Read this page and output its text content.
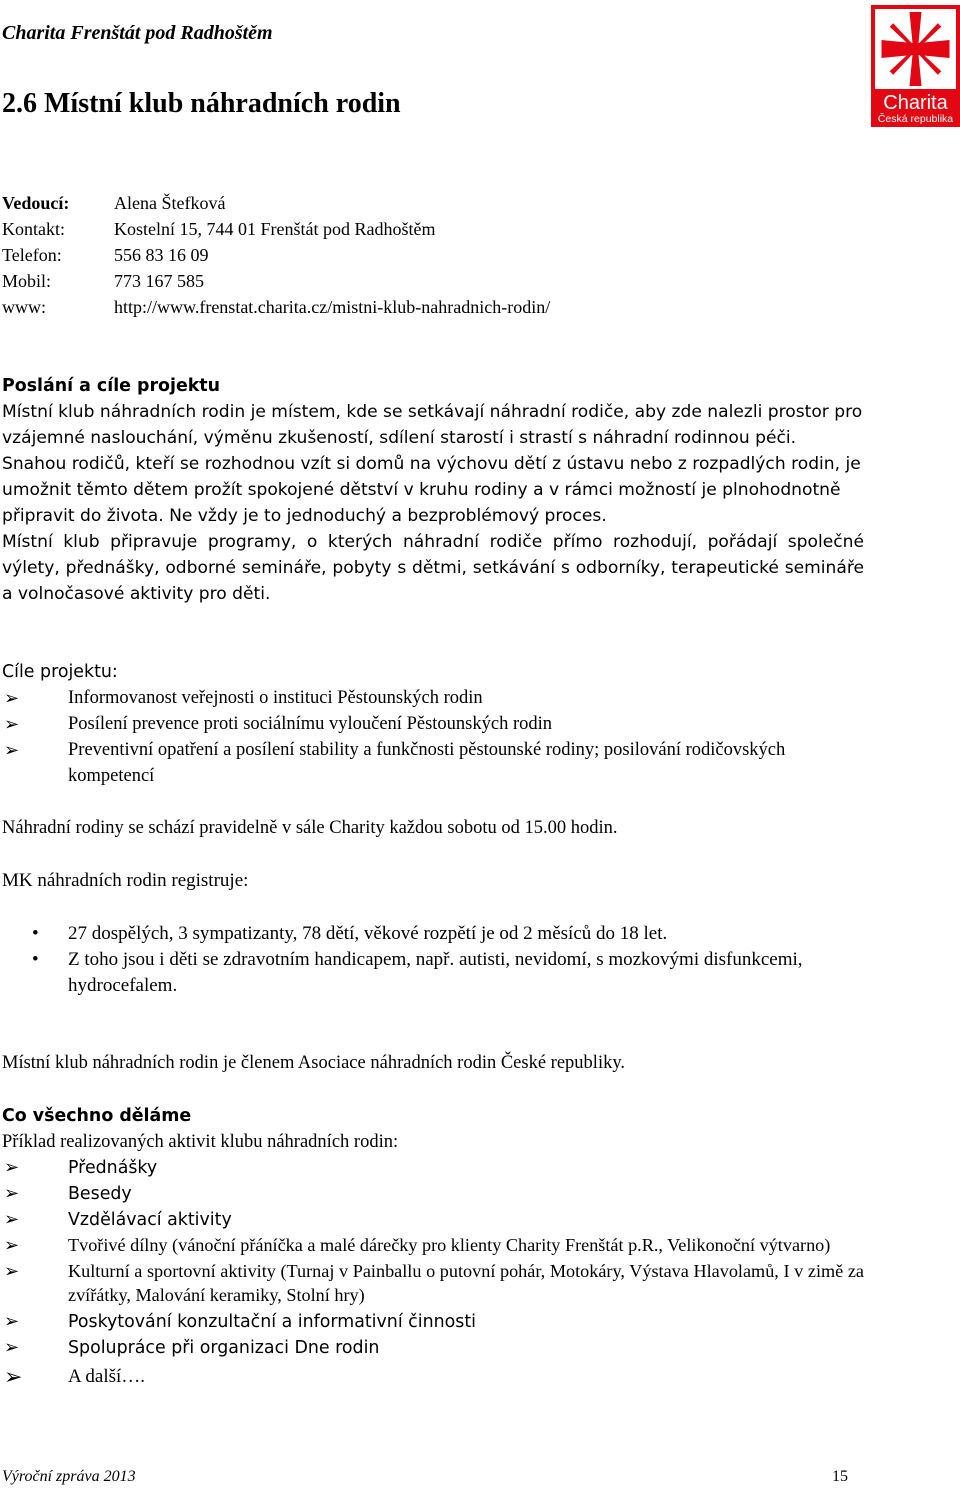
Charita Frenštát pod Radhoštěm
Charita
Česká republika
2.6 Místní klub náhradních rodin
Vedoucí:	Alena Štefková
Kontakt:	Kostelní 15, 744 01 Frenštát pod Radhoštěm
Telefon:	556 83 16 09
Mobil:	773 167 585
www:	http://www.frenstat.charita.cz/mistni-klub-nahradnich-rodin/

Poslání a cíle projektu

Místní klub náhradních rodin je místem, kde se setkávají náhradní rodiče, aby zde nalezli prostor pro vzájemné naslouchání, výměnu zkušeností, sdílení starostí i strastí s náhradní rodinnou péči.

Snahou rodičů, kteří se rozhodnou vzít si domů na výchovu dětí z ústavu nebo z rozpadlých rodin, je umožnit těmto dětem prožít spokojené dětství v kruhu rodiny a v rámci možností je plnohodnotně připravit do života. Ne vždy je to jednoduchý a bezproblémový proces.

Místní klub připravuje programy, o kterých náhradní rodiče přímo rozhodují, pořádají společné výlety, přednášky, odborné semináře, pobyty s dětmi, setkávání s odborníky, terapeutické semináře a volnočasové aktivity pro děti.

Cíle projektu:

➢	Informovanost veřejnosti o instituci Pěstounských rodin
➢	Posílení prevence proti sociálnímu vyloučení Pěstounských rodin
➢	Preventivní opatření a posílení stability a funkčnosti pěstounské rodiny; posilování rodičovských kompetencí
Náhradní rodiny se schází pravidelně v sále Charity každou sobotu od 15.00 hodin.

MK náhradních rodin registruje:

• 27 dospělých, 3 sympatizanty, 78 dětí, věkové rozpětí je od 2 měsíců do 18 let.
• Z toho jsou i děti se zdravotním handicapem, např. autisti, nevidomí, s mozkovými disfunkcemi, hydrocefalem.
Místní klub náhradních rodin je členem Asociace náhradních rodin České republiky.

Co všechno děláme

Příklad realizovaných aktivit klubu náhradních rodin:

➢	Přednášky
➢	Besedy
➢	Vzdělávací aktivity
➢	Tvořivé dílny (vánoční přáníčka a malé dárečky pro klienty Charity Frenštát p.R., Velikonoční výtvarno)
➢	Kulturní a sportovní aktivity (Turnaj v Painballu o putovní pohár, Motokáry, Výstava Hlavolamů, I v zimě za zvířátky, Malování keramiky, Stolní hry)
➢	Poskytování konzultační a informativní činnosti
➢	Spolupráce při organizaci Dne rodin
➢ A další….
Výroční zpráva 2013	15
